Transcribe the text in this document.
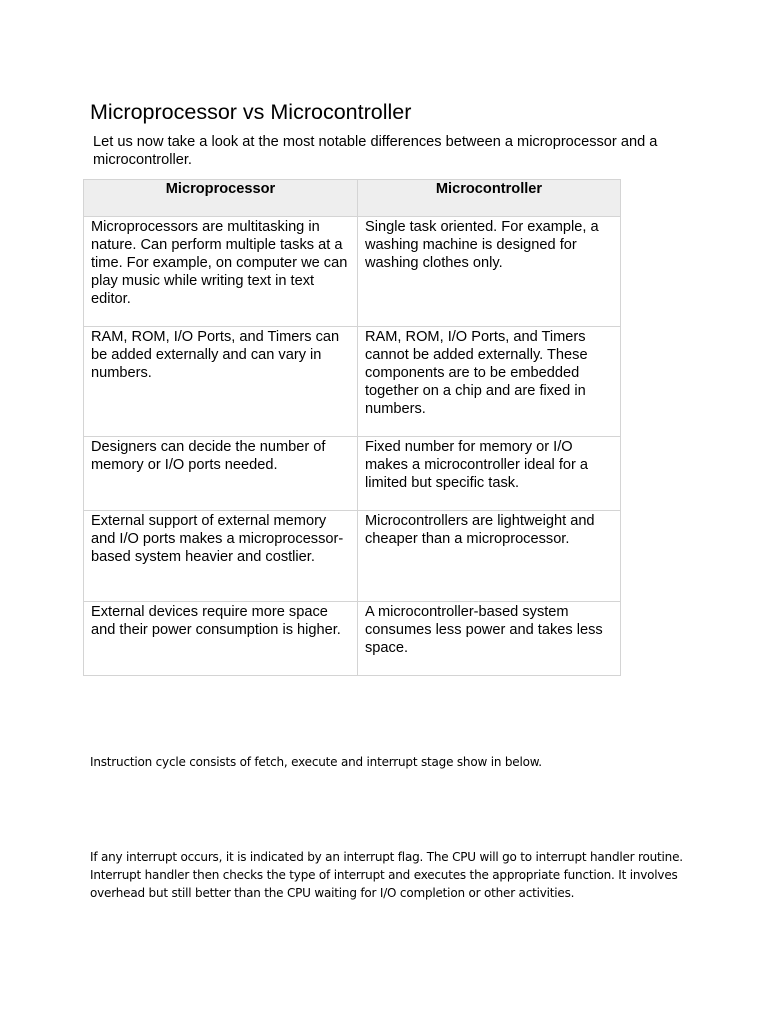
Microprocessor vs Microcontroller

Let us now take a look at the most notable differences between a microprocessor and a microcontroller.

Microprocessor	Microcontroller

Microprocessors are multitasking in nature. Can perform multiple tasks at a time. For example, on computer we can play music while writing text in text editor.	Single task oriented. For example, a washing machine is designed for washing clothes only.

RAM, ROM, I/O Ports, and Timers can be added externally and can vary in numbers.	RAM, ROM, I/O Ports, and Timers cannot be added externally. These components are to be embedded together on a chip and are fixed in numbers.

Designers can decide the number of memory or I/O ports needed.	Fixed number for memory or I/O makes a microcontroller ideal for a limited but specific task.

External support of external memory and I/O ports makes a microprocessor-based system heavier and costlier.	Microcontrollers are lightweight and cheaper than a microprocessor.

External devices require more space and their power consumption is higher.	A microcontroller-based system consumes less power and takes less space.

Instruction cycle consists of fetch, execute and interrupt stage show in below.

If any interrupt occurs, it is indicated by an interrupt flag. The CPU will go to interrupt handler routine. Interrupt handler then checks the type of interrupt and executes the appropriate function. It involves overhead but still better than the CPU waiting for I/O completion or other activities.
